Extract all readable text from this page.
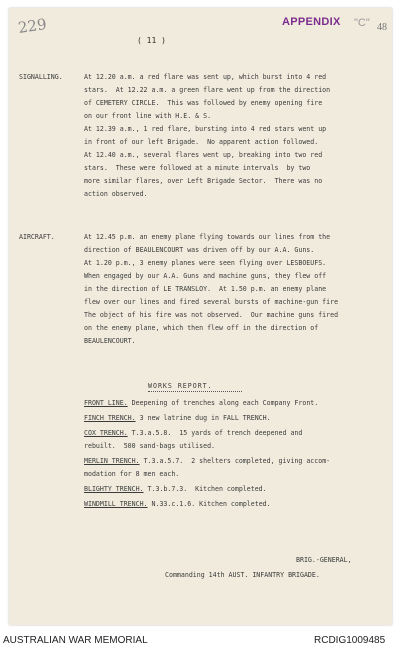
229
( 11 )
APPENDIX "C" 48
SIGNALLING.	At 12.20 a.m. a red flare was sent up, which burst into 4 red
stars.  At 12.22 a.m. a green flare went up from the direction
of CEMETERY CIRCLE.  This was followed by enemy opening fire
on our front line with H.E. & S.
At 12.39 a.m., 1 red flare, bursting into 4 red stars went up
in front of our left Brigade.  No apparent action followed.
At 12.40 a.m., several flares went up, breaking into two red
stars.  These were followed at a minute intervals  by two
more similar flares, over Left Brigade Sector.  There was no
action observed.
AIRCRAFT.	At 12.45 p.m. an enemy plane flying towards our lines from the
direction of BEAULENCOURT was driven off by our A.A. Guns.
At 1.20 p.m., 3 enemy planes were seen flying over LESBOEUFS.
When engaged by our A.A. Guns and machine guns, they flew off
in the direction of LE TRANSLOY.  At 1.50 p.m. an enemy plane
flew over our lines and fired several bursts of machine-gun fire
The object of his fire was not observed.  Our machine guns fired
on the enemy plane, which then flew off in the direction of
BEAULENCOURT.
WORKS REPORT.
FRONT LINE. Deepening of trenches along each Company Front.
FINCH TRENCH. 3 new latrine dug in FALL TRENCH.
COX TRENCH. T.3.a.5.8.  15 yards of trench deepened and
rebuilt.  500 sand-bags utilised.
MERLIN TRENCH. T.3.a.5.7.  2 shelters completed, giving accom-
modation for 8 men each.
BLIGHTY TRENCH. T.3.b.7.3.  Kitchen completed.
WINDMILL TRENCH. N.33.c.1.6. Kitchen completed.
BRIG.-GENERAL,
Commanding 14th AUST. INFANTRY BRIGADE.
AUSTRALIAN WAR MEMORIAL	RCDIG1009485
